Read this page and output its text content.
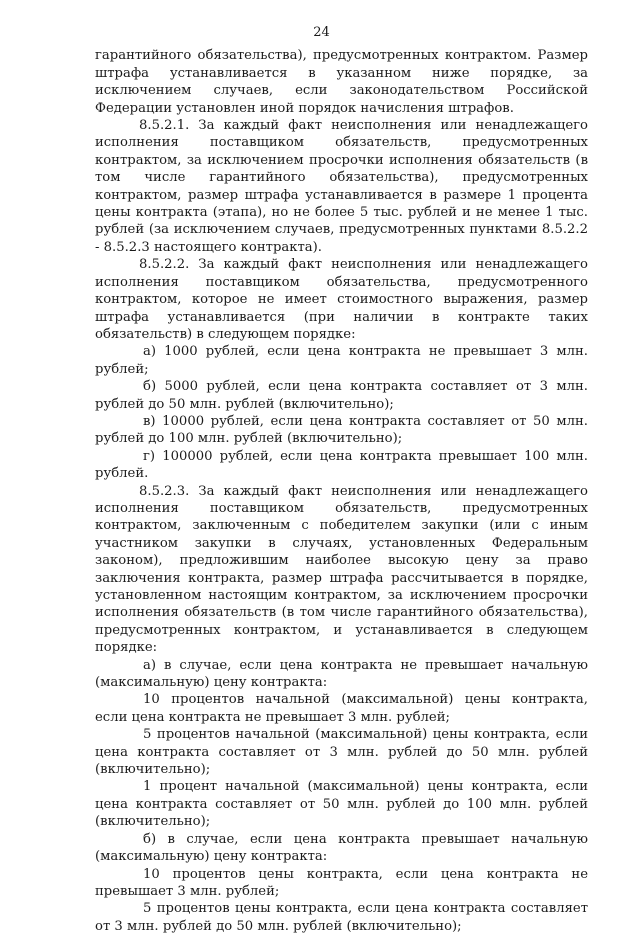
24

гарантийного обязательства), предусмотренных контрактом. Размер штрафа устанавливается в указанном ниже порядке, за исключением случаев, если законодательством Российской Федерации установлен иной порядок начисления штрафов.

8.5.2.1. За каждый факт неисполнения или ненадлежащего исполнения поставщиком обязательств, предусмотренных контрактом, за исключением просрочки исполнения обязательств (в том числе гарантийного обязательства), предусмотренных контрактом, размер штрафа устанавливается в размере 1 процента цены контракта (этапа), но не более 5 тыс. рублей и не менее 1 тыс. рублей (за исключением случаев, предусмотренных пунктами 8.5.2.2 - 8.5.2.3 настоящего контракта).

8.5.2.2. За каждый факт неисполнения или ненадлежащего исполнения поставщиком обязательства, предусмотренного контрактом, которое не имеет стоимостного выражения, размер штрафа устанавливается (при наличии в контракте таких обязательств) в следующем порядке:

а) 1000 рублей, если цена контракта не превышает 3 млн. рублей;

б) 5000 рублей, если цена контракта составляет от 3 млн. рублей до 50 млн. рублей (включительно);

в) 10000 рублей, если цена контракта составляет от 50 млн. рублей до 100 млн. рублей (включительно);

г) 100000 рублей, если цена контракта превышает 100 млн. рублей.

8.5.2.3. За каждый факт неисполнения или ненадлежащего исполнения поставщиком обязательств, предусмотренных контрактом, заключенным с победителем закупки (или с иным участником закупки в случаях, установленных Федеральным законом), предложившим наиболее высокую цену за право заключения контракта, размер штрафа рассчитывается в порядке, установленном настоящим контрактом, за исключением просрочки исполнения обязательств (в том числе гарантийного обязательства), предусмотренных контрактом, и устанавливается в следующем порядке:

а) в случае, если цена контракта не превышает начальную (максимальную) цену контракта:

10 процентов начальной (максимальной) цены контракта, если цена контракта не превышает 3 млн. рублей;

5 процентов начальной (максимальной) цены контракта, если цена контракта составляет от 3 млн. рублей до 50 млн. рублей (включительно);

1 процент начальной (максимальной) цены контракта, если цена контракта составляет от 50 млн. рублей до 100 млн. рублей (включительно);

б) в случае, если цена контракта превышает начальную (максимальную) цену контракта:

10 процентов цены контракта, если цена контракта не превышает 3 млн. рублей;

5 процентов цены контракта, если цена контракта составляет от 3 млн. рублей до 50 млн. рублей (включительно);
